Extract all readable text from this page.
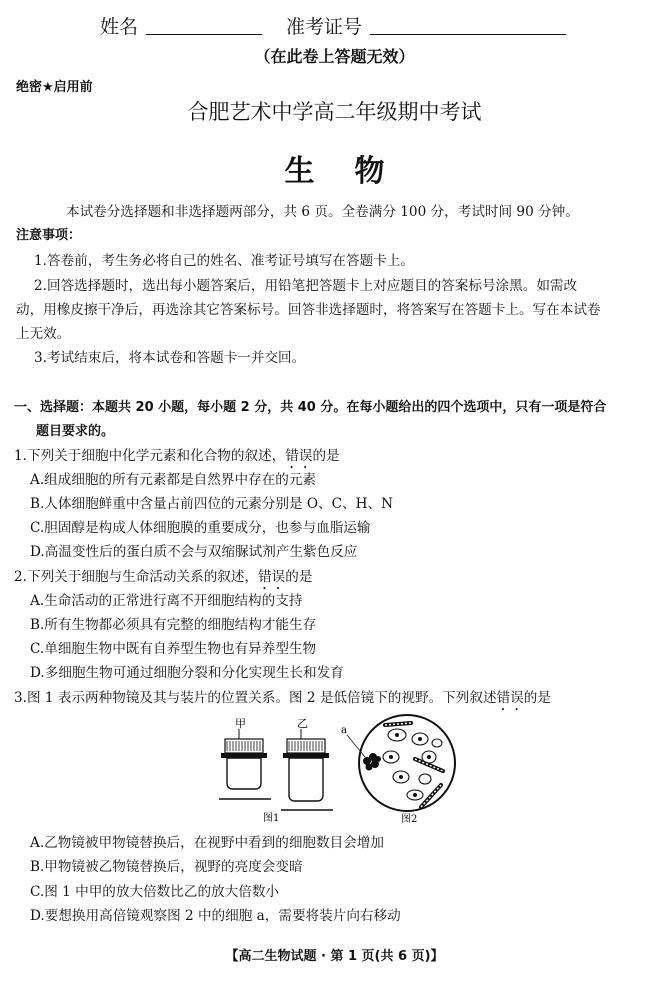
姓名	准考证号
（在此卷上答题无效）
绝密★启用前
合肥艺术中学高二年级期中考试
生物
本试卷分选择题和非选择题两部分，共 6 页。全卷满分 100 分，考试时间 90 分钟。
注意事项：
1.答卷前，考生务必将自己的姓名、准考证号填写在答题卡上。
2.回答选择题时，选出每小题答案后，用铅笔把答题卡上对应题目的答案标号涂黑。如需改
动，用橡皮擦干净后，再选涂其它答案标号。回答非选择题时，将答案写在答题卡上。写在本试卷
上无效。
3.考试结束后，将本试卷和答题卡一并交回。
一、选择题：本题共 20 小题，每小题 2 分，共 40 分。在每小题给出的四个选项中，只有一项是符合
题目要求的。
1.下列关于细胞中化学元素和化合物的叙述，错误的是
A.组成细胞的所有元素都是自然界中存在的元素
B.人体细胞鲜重中含量占前四位的元素分别是 O、C、H、N
C.胆固醇是构成人体细胞膜的重要成分，也参与血脂运输
D.高温变性后的蛋白质不会与双缩脲试剂产生紫色反应
2.下列关于细胞与生命活动关系的叙述，错误的是
A.生命活动的正常进行离不开细胞结构的支持
B.所有生物都必须具有完整的细胞结构才能生存
C.单细胞生物中既有自养型生物也有异养型生物
D.多细胞生物可通过细胞分裂和分化实现生长和发育
3.图 1 表示两种物镜及其与装片的位置关系。图 2 是低倍镜下的视野。下列叙述错误的是
甲	乙
图1
a
图2
A.乙物镜被甲物镜替换后，在视野中看到的细胞数目会增加
B.甲物镜被乙物镜替换后，视野的亮度会变暗
C.图 1 中甲的放大倍数比乙的放大倍数小
D.要想换用高倍镜观察图 2 中的细胞 a，需要将装片向右移动
【高二生物试题 · 第 1 页(共 6 页)】
